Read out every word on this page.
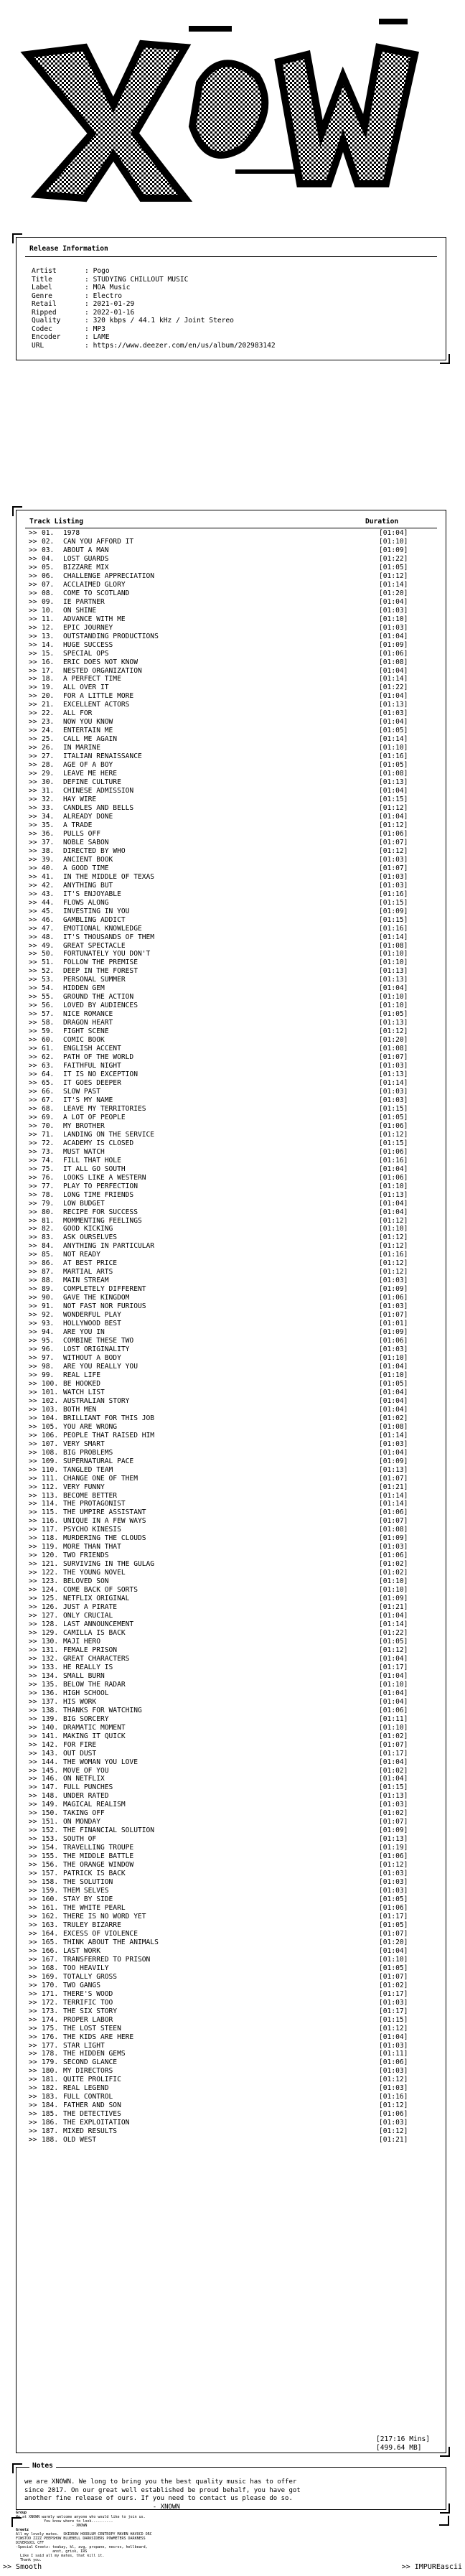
sM
Release Information
Artist	: Pogo
Title	: STUDYING CHILLOUT MUSIC
Label	: MOA Music
Genre	: Electro
Retail	: 2021-01-29
Ripped	: 2022-01-16
Quality	: 320 kbps / 44.1 kHz / Joint Stereo
Codec	: MP3
Encoder	: LAME
URL	: https://www.deezer.com/en/us/album/202983142
Track Listing	Duration
>> 01.	1978	[01:04]
>> 02.	CAN YOU AFFORD IT	[01:10]
>> 03.	ABOUT A MAN	[01:09]
>> 04.	LOST GUARDS	[01:22]
>> 05.	BIZZARE MIX	[01:05]
>> 06.	CHALLENGE APPRECIATION	[01:12]
>> 07.	ACCLAIMED GLORY	[01:14]
>> 08.	COME TO SCOTLAND	[01:20]
>> 09.	IE PARTNER	[01:04]
>> 10.	ON SHINE	[01:03]
>> 11.	ADVANCE WITH ME	[01:10]
>> 12.	EPIC JOURNEY	[01:03]
>> 13.	OUTSTANDING PRODUCTIONS	[01:04]
>> 14.	HUGE SUCCESS	[01:09]
>> 15.	SPECIAL OPS	[01:06]
>> 16.	ERIC DOES NOT KNOW	[01:08]
>> 17.	NESTED ORGANIZATION	[01:04]
>> 18.	A PERFECT TIME	[01:14]
>> 19.	ALL OVER IT	[01:22]
>> 20.	FOR A LITTLE MORE	[01:04]
>> 21.	EXCELLENT ACTORS	[01:13]
>> 22.	ALL FOR	[01:03]
>> 23.	NOW YOU KNOW	[01:04]
>> 24.	ENTERTAIN ME	[01:05]
>> 25.	CALL ME AGAIN	[01:14]
>> 26.	IN MARINE	[01:10]
>> 27.	ITALIAN RENAISSANCE	[01:16]
>> 28.	AGE OF A BOY	[01:05]
>> 29.	LEAVE ME HERE	[01:08]
>> 30.	DEFINE CULTURE	[01:13]
>> 31.	CHINESE ADMISSION	[01:04]
>> 32.	HAY WIRE	[01:15]
>> 33.	CANDLES AND BELLS	[01:12]
>> 34.	ALREADY DONE	[01:04]
>> 35.	A TRADE	[01:12]
>> 36.	PULLS OFF	[01:06]
>> 37.	NOBLE SABON	[01:07]
>> 38.	DIRECTED BY WHO	[01:12]
>> 39.	ANCIENT BOOK	[01:03]
>> 40.	A GOOD TIME	[01:07]
>> 41.	IN THE MIDDLE OF TEXAS	[01:03]
>> 42.	ANYTHING BUT	[01:03]
>> 43.	IT'S ENJOYABLE	[01:16]
>> 44.	FLOWS ALONG	[01:15]
>> 45.	INVESTING IN YOU	[01:09]
>> 46.	GAMBLING ADDICT	[01:15]
>> 47.	EMOTIONAL KNOWLEDGE	[01:16]
>> 48.	IT'S THOUSANDS OF THEM	[01:14]
>> 49.	GREAT SPECTACLE	[01:08]
>> 50.	FORTUNATELY YOU DON'T	[01:10]
>> 51.	FOLLOW THE PREMISE	[01:10]
>> 52.	DEEP IN THE FOREST	[01:13]
>> 53.	PERSONAL SUMMER	[01:13]
>> 54.	HIDDEN GEM	[01:04]
>> 55.	GROUND THE ACTION	[01:10]
>> 56.	LOVED BY AUDIENCES	[01:10]
>> 57.	NICE ROMANCE	[01:05]
>> 58.	DRAGON HEART	[01:13]
>> 59.	FIGHT SCENE	[01:12]
>> 60.	COMIC BOOK	[01:20]
>> 61.	ENGLISH ACCENT	[01:08]
>> 62.	PATH OF THE WORLD	[01:07]
>> 63.	FAITHFUL NIGHT	[01:03]
>> 64.	IT IS NO EXCEPTION	[01:13]
>> 65.	IT GOES DEEPER	[01:14]
>> 66.	SLOW PAST	[01:03]
>> 67.	IT'S MY NAME	[01:03]
>> 68.	LEAVE MY TERRITORIES	[01:15]
>> 69.	A LOT OF PEOPLE	[01:05]
>> 70.	MY BROTHER	[01:06]
>> 71.	LANDING ON THE SERVICE	[01:12]
>> 72.	ACADEMY IS CLOSED	[01:15]
>> 73.	MUST WATCH	[01:06]
>> 74.	FILL THAT HOLE	[01:16]
>> 75.	IT ALL GO SOUTH	[01:04]
>> 76.	LOOKS LIKE A WESTERN	[01:06]
>> 77.	PLAY TO PERFECTION	[01:10]
>> 78.	LONG TIME FRIENDS	[01:13]
>> 79.	LOW BUDGET	[01:04]
>> 80.	RECIPE FOR SUCCESS	[01:04]
>> 81.	MOMMENTING FEELINGS	[01:12]
>> 82.	GOOD KICKING	[01:10]
>> 83.	ASK OURSELVES	[01:12]
>> 84.	ANYTHING IN PARTICULAR	[01:12]
>> 85.	NOT READY	[01:16]
>> 86.	AT BEST PRICE	[01:12]
>> 87.	MARTIAL ARTS	[01:12]
>> 88.	MAIN STREAM	[01:03]
>> 89.	COMPLETELY DIFFERENT	[01:09]
>> 90.	GAVE THE KINGDOM	[01:06]
>> 91.	NOT FAST NOR FURIOUS	[01:03]
>> 92.	WONDERFUL PLAY	[01:07]
>> 93.	HOLLYWOOD BEST	[01:01]
>> 94.	ARE YOU IN	[01:09]
>> 95.	COMBINE THESE TWO	[01:06]
>> 96.	LOST ORIGINALITY	[01:03]
>> 97.	WITHOUT A BODY	[01:10]
>> 98.	ARE YOU REALLY YOU	[01:04]
>> 99.	REAL LIFE	[01:10]
>> 100. BE HOOKED	[01:05]
>> 101. WATCH LIST	[01:04]
>> 102. AUSTRALIAN STORY	[01:04]
>> 103. BOTH MEN	[01:04]
>> 104. BRILLIANT FOR THIS JOB	[01:02]
>> 105. YOU ARE WRONG	[01:08]
>> 106. PEOPLE THAT RAISED HIM	[01:14]
>> 107. VERY SMART	[01:03]
>> 108. BIG PROBLEMS	[01:04]
>> 109. SUPERNATURAL PACE	[01:09]
>> 110. TANGLED TEAM	[01:13]
>> 111. CHANGE ONE OF THEM	[01:07]
>> 112. VERY FUNNY	[01:21]
>> 113. BECOME BETTER	[01:14]
>> 114. THE PROTAGONIST	[01:14]
>> 115. THE UMPIRE ASSISTANT	[01:06]
>> 116. UNIQUE IN A FEW WAYS	[01:07]
>> 117. PSYCHO KINESIS	[01:08]
>> 118. MURDERING THE CLOUDS	[01:09]
>> 119. MORE THAN THAT	[01:03]
>> 120. TWO FRIENDS	[01:06]
>> 121. SURVIVING IN THE GULAG	[01:02]
>> 122. THE YOUNG NOVEL	[01:02]
>> 123. BELOVED SON	[01:10]
>> 124. COME BACK OF SORTS	[01:10]
>> 125. NETFLIX ORIGINAL	[01:09]
>> 126. JUST A PIRATE	[01:21]
>> 127. ONLY CRUCIAL	[01:04]
>> 128. LAST ANNOUNCEMENT	[01:14]
>> 129. CAMILLA IS BACK	[01:22]
>> 130. MAJI HERO	[01:05]
>> 131. FEMALE PRISON	[01:12]
>> 132. GREAT CHARACTERS	[01:04]
>> 133. HE REALLY IS	[01:17]
>> 134. SMALL BURN	[01:04]
>> 135. BELOW THE RADAR	[01:10]
>> 136. HIGH SCHOOL	[01:04]
>> 137. HIS WORK	[01:04]
>> 138. THANKS FOR WATCHING	[01:06]
>> 139. BIG SORCERY	[01:11]
>> 140. DRAMATIC MOMENT	[01:10]
>> 141. MAKING IT QUICK	[01:02]
>> 142. FOR FIRE	[01:07]
>> 143. OUT DUST	[01:17]
>> 144. THE WOMAN YOU LOVE	[01:04]
>> 145. MOVE OF YOU	[01:02]
>> 146. ON NETFLIX	[01:04]
>> 147. FULL PUNCHES	[01:15]
>> 148. UNDER RATED	[01:13]
>> 149. MAGICAL REALISM	[01:03]
>> 150. TAKING OFF	[01:02]
>> 151. ON MONDAY	[01:07]
>> 152. THE FINANCIAL SOLUTION	[01:09]
>> 153. SOUTH OF	[01:13]
>> 154. TRAVELLING TROUPE	[01:19]
>> 155. THE MIDDLE BATTLE	[01:06]
>> 156. THE ORANGE WINDOW	[01:12]
>> 157. PATRICK IS BACK	[01:03]
>> 158. THE SOLUTION	[01:03]
>> 159. THEM SELVES	[01:03]
>> 160. STAY BY SIDE	[01:05]
>> 161. THE WHITE PEARL	[01:06]
>> 162. THERE IS NO WORD YET	[01:17]
>> 163. TRULEY BIZARRE	[01:05]
>> 164. EXCESS OF VIOLENCE	[01:07]
>> 165. THINK ABOUT THE ANIMALS	[01:20]
>> 166. LAST WORK	[01:04]
>> 167. TRANSFERRED TO PRISON	[01:10]
>> 168. TOO HEAVILY	[01:05]
>> 169. TOTALLY GROSS	[01:07]
>> 170. TWO GANGS	[01:02]
>> 171. THERE'S WOOD	[01:17]
>> 172. TERRIFIC TOO	[01:03]
>> 173. THE SIX STORY	[01:17]
>> 174. PROPER LABOR	[01:15]
>> 175. THE LOST STEEN	[01:12]
>> 176. THE KIDS ARE HERE	[01:04]
>> 177. STAR LIGHT	[01:03]
>> 178. THE HIDDEN GEMS	[01:11]
>> 179. SECOND GLANCE	[01:06]
>> 180. MY DIRECTORS	[01:03]
>> 181. QUITE PROLIFIC	[01:12]
>> 182. REAL LEGEND	[01:03]
>> 183. FULL CONTROL	[01:16]
>> 184. FATHER AND SON	[01:12]
>> 185. THE DETECTIVES	[01:06]
>> 186. THE EXPLOITATION	[01:03]
>> 187. MIXED RESULTS	[01:12]
>> 188. OLD WEST	[01:21]
[217:16 Mins]
[499.64 MB]
Notes
we are XNOWN. We long to bring you the best quality music has to offer
since 2017. On our great well established be proud behalf, you have got
another fine release of ours. If you need to contact us please do so.
- XNOWN
Group
We at XNOWN warmly welcome anyone who would like to join us.
You know where to look..........
- XNOWN
Greetz
All my lovely mates.  SKIDROW HOODLUM CENTROPY MAVEN HAVOCD ORC
FIWSTOO ZZZZ PEEPSHOW BLUEBELL DARKSIDERS POWMETERS DARKNESS
DIVERSOIL CFF
-Special Greetz: teakay, kl, avg, propane, necros, hellbeard,
anst, grisk, IRS
Like I said all my mates, that kill it.
Thank you.
>> Smooth	>> IMPUREascii
